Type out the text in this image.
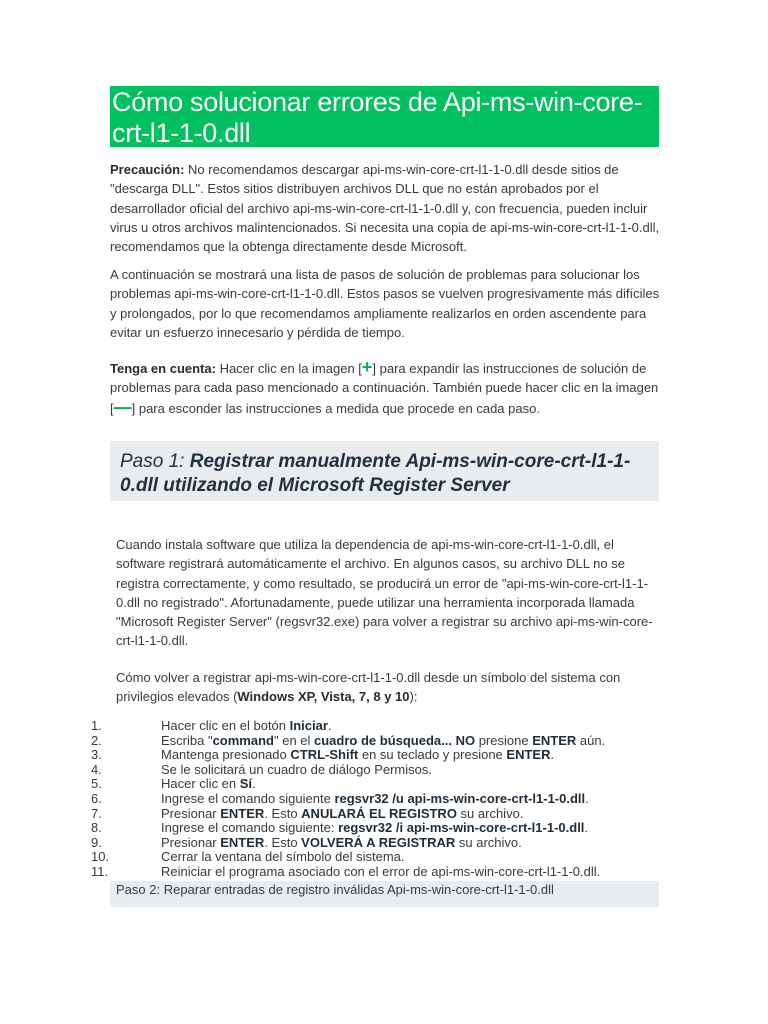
Cómo solucionar errores de Api-ms-win-core-crt-l1-1-0.dll

Precaución: No recomendamos descargar api-ms-win-core-crt-l1-1-0.dll desde sitios de "descarga DLL". Estos sitios distribuyen archivos DLL que no están aprobados por el desarrollador oficial del archivo api-ms-win-core-crt-l1-1-0.dll y, con frecuencia, pueden incluir virus u otros archivos malintencionados. Si necesita una copia de api-ms-win-core-crt-l1-1-0.dll, recomendamos que la obtenga directamente desde Microsoft.

A continuación se mostrará una lista de pasos de solución de problemas para solucionar los problemas api-ms-win-core-crt-l1-1-0.dll. Estos pasos se vuelven progresivamente más difíciles y prolongados, por lo que recomendamos ampliamente realizarlos en orden ascendente para evitar un esfuerzo innecesario y pérdida de tiempo.

Tenga en cuenta: Hacer clic en la imagen [+] para expandir las instrucciones de solución de problemas para cada paso mencionado a continuación. También puede hacer clic en la imagen [—] para esconder las instrucciones a medida que procede en cada paso.

Paso 1: Registrar manualmente Api-ms-win-core-crt-l1-1-0.dll utilizando el Microsoft Register Server

Cuando instala software que utiliza la dependencia de api-ms-win-core-crt-l1-1-0.dll, el software registrará automáticamente el archivo. En algunos casos, su archivo DLL no se registra correctamente, y como resultado, se producirá un error de "api-ms-win-core-crt-l1-1-0.dll no registrado". Afortunadamente, puede utilizar una herramienta incorporada llamada "Microsoft Register Server" (regsvr32.exe) para volver a registrar su archivo api-ms-win-core-crt-l1-1-0.dll.

Cómo volver a registrar api-ms-win-core-crt-l1-1-0.dll desde un símbolo del sistema con privilegios elevados (Windows XP, Vista, 7, 8 y 10):

1.	Hacer clic en el botón Iniciar.
2.	Escriba "command" en el cuadro de búsqueda... NO presione ENTER aún.
3.	Mantenga presionado CTRL-Shift en su teclado y presione ENTER.
4.	Se le solicitará un cuadro de diálogo Permisos.
5.	Hacer clic en Sí.
6.	Ingrese el comando siguiente regsvr32 /u api-ms-win-core-crt-l1-1-0.dll.
7.	Presionar ENTER. Esto ANULARÁ EL REGISTRO su archivo.
8.	Ingrese el comando siguiente: regsvr32 /i api-ms-win-core-crt-l1-1-0.dll.
9.	Presionar ENTER. Esto VOLVERÁ A REGISTRAR su archivo.
10.	Cerrar la ventana del símbolo del sistema.
11.	Reiniciar el programa asociado con el error de api-ms-win-core-crt-l1-1-0.dll.
Paso 2: Reparar entradas de registro inválidas Api-ms-win-core-crt-l1-1-0.dll
